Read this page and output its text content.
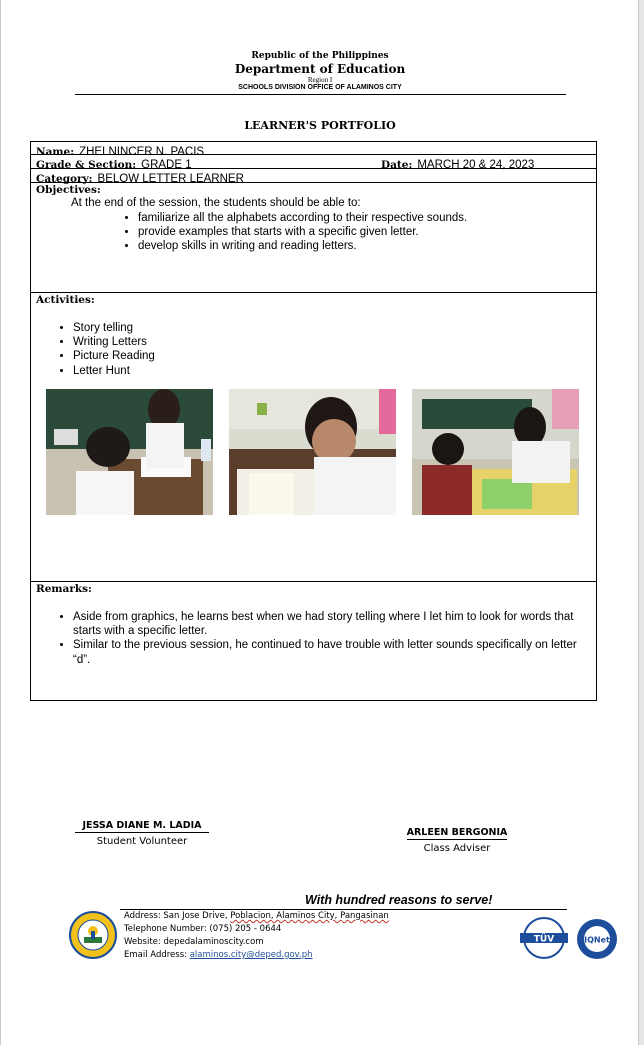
Republic of the Philippines
Department of Education
Region I
SCHOOLS DIVISION OFFICE OF ALAMINOS CITY
LEARNER'S PORTFOLIO
Name: ZHELNINCER N. PACIS
Grade & Section: GRADE 1	Date: MARCH 20 & 24, 2023
Category: BELOW LETTER LEARNER
Objectives:
At the end of the session, the students should be able to:
• familiarize all the alphabets according to their respective sounds.
• provide examples that starts with a specific given letter.
• develop skills in writing and reading letters.
Activities:
• Story telling
• Writing Letters
• Picture Reading
• Letter Hunt
Remarks:
• Aside from graphics, he learns best when we had story telling where I let him to look for words that starts with a specific letter.
• Similar to the previous session, he continued to have trouble with letter sounds specifically on letter “d”.
JESSA DIANE M. LADIA
Student Volunteer
ARLEEN BERGONIA
Class Adviser
With hundred reasons to serve!
Address: San Jose Drive, Poblacion, Alaminos City, Pangasinan
Telephone Number: (075) 205 - 0644
Website: depedalaminoscity.com
Email Address: alaminos.city@deped.gov.ph
TÜV	IQNet
